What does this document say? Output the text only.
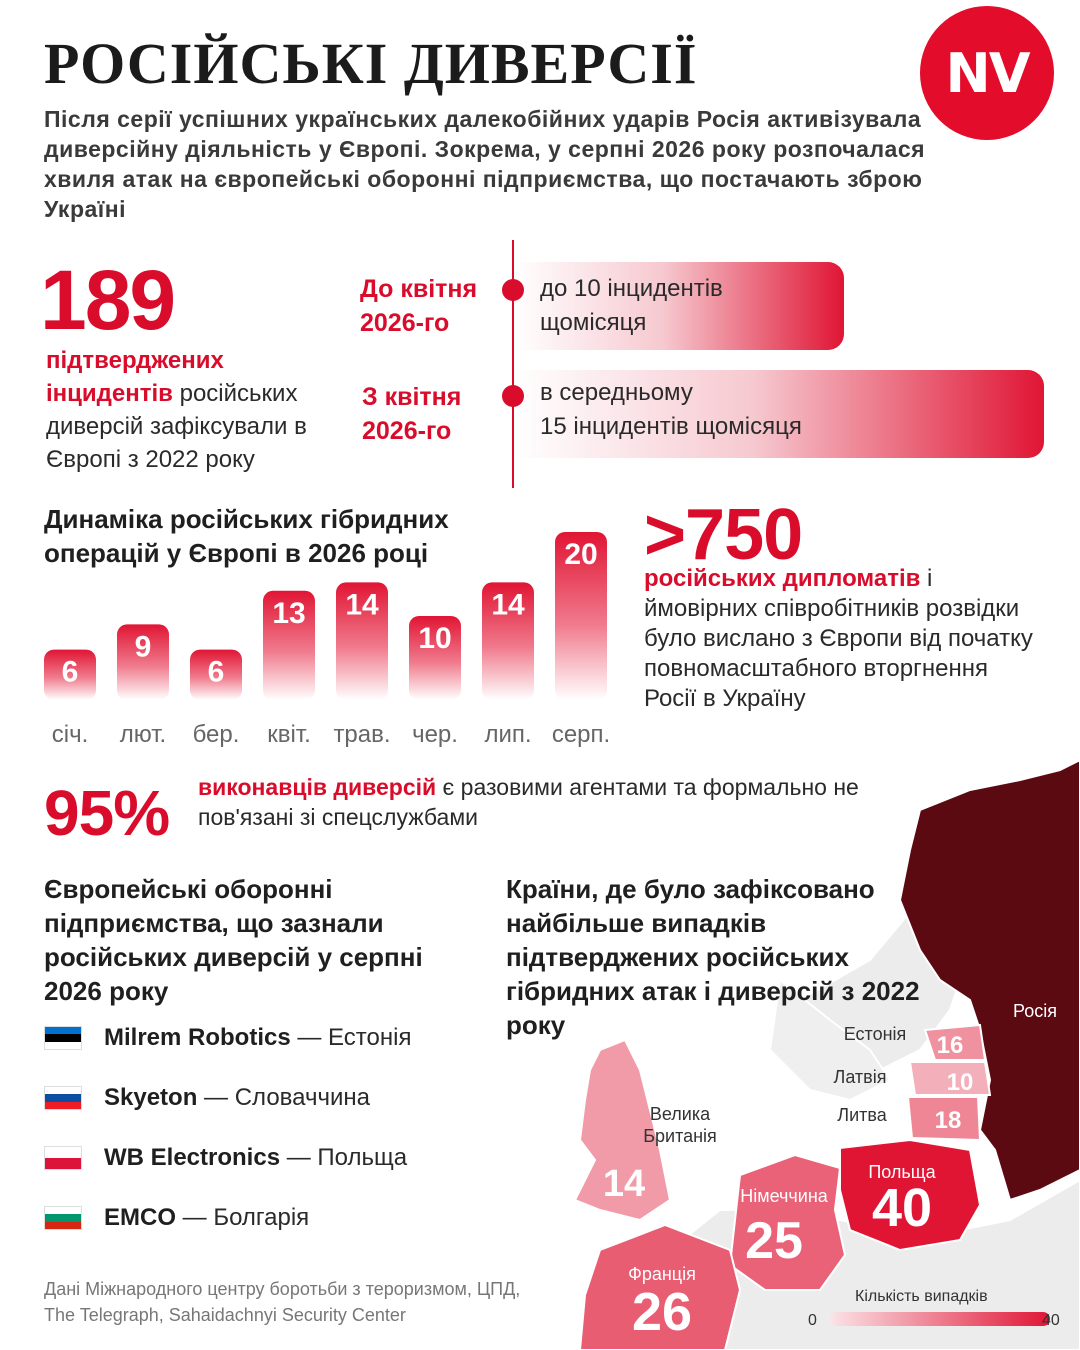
РОСІЙСЬКІ ДИВЕРСІЇ	NV
Після серії успішних українських далекобійних ударів Росія активізувала диверсійну діяльність у Європі. Зокрема, у серпні 2026 року розпочалася хвиля атак на європейські оборонні підприємства, що постачають зброю Україні
189
підтверджених інцидентів російських диверсій зафіксували в Європі з 2022 року
До квітня
2026-го
З квітня
2026-го
до 10 інцидентів
щомісяця
в середньому
15 інцидентів щомісяця
Динаміка російських гібридних операцій у Європі в 2026 році
6
січ.
9
лют.
6
бер.
13
квіт.
14
трав.
10
чер.
14
лип.
20
серп.
>750
російських дипломатів і ймовірних співробітників розвідки було вислано з Європи від початку повномасштабного вторгнення Росії в Україну
95% виконавців диверсій є разовими агентами та формально не пов'язані зі спецслужбами
Європейські оборонні підприємства, що зазнали російських диверсій у серпні 2026 року
Milrem Robotics — Естонія
Skyeton — Словаччина
WB Electronics — Польща
EMCO — Болгарія
Дані Міжнародного центру боротьби з тероризмом, ЦПД, The Telegraph, Sahaidachnyi Security Center
Естонія 16
Латвія	10
Литва 18
Велика
Британія
14	Німеччина
25
Польща
40
Франція
26
Росія
Кількість випадків
0	40
Країни, де було зафіксовано найбільше випадків підтверджених російських гібридних атак і диверсій з 2022 року
